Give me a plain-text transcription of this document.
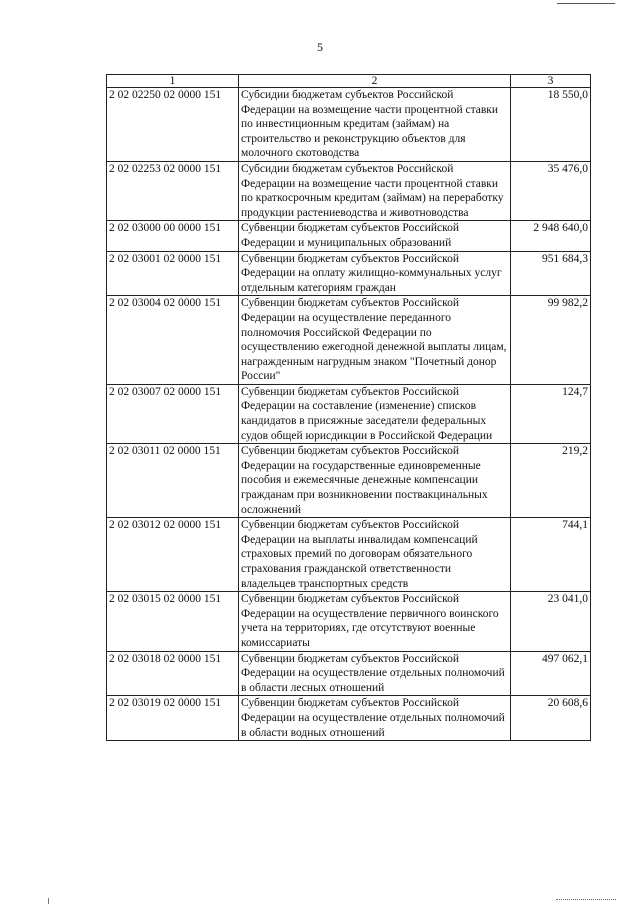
5
1	2	3
2 02 02250 02 0000 151	Субсидии бюджетам субъектов Российской Федерации на возмещение части процентной ставки по инвестиционным кредитам (займам) на строительство и реконструкцию объектов для молочного скотоводства	18 550,0
2 02 02253 02 0000 151	Субсидии бюджетам субъектов Российской Федерации на возмещение части процентной ставки по краткосрочным кредитам (займам) на переработку продукции растениеводства и животноводства	35 476,0
2 02 03000 00 0000 151	Субвенции бюджетам субъектов Российской Федерации и муниципальных образований	2 948 640,0
2 02 03001 02 0000 151	Субвенции бюджетам субъектов Российской Федерации на оплату жилищно-коммунальных услуг отдельным категориям граждан	951 684,3
2 02 03004 02 0000 151	Субвенции бюджетам субъектов Российской Федерации на осуществление переданного полномочия Российской Федерации по осуществлению ежегодной денежной выплаты лицам, награжденным нагрудным знаком "Почетный донор России"	99 982,2
2 02 03007 02 0000 151	Субвенции бюджетам субъектов Российской Федерации на составление (изменение) списков кандидатов в присяжные заседатели федеральных судов общей юрисдикции в Российской Федерации	124,7
2 02 03011 02 0000 151	Субвенции бюджетам субъектов Российской Федерации на государственные единовременные пособия и ежемесячные денежные компенсации гражданам при возникновении поствакцинальных осложнений	219,2
2 02 03012 02 0000 151	Субвенции бюджетам субъектов Российской Федерации на выплаты инвалидам компенсаций страховых премий по договорам обязательного страхования гражданской ответственности владельцев транспортных средств	744,1
2 02 03015 02 0000 151	Субвенции бюджетам субъектов Российской Федерации на осуществление первичного воинского учета на территориях, где отсутствуют военные комиссариаты	23 041,0
2 02 03018 02 0000 151	Субвенции бюджетам субъектов Российской Федерации на осуществление отдельных полномочий в области лесных отношений	497 062,1
2 02 03019 02 0000 151	Субвенции бюджетам субъектов Российской Федерации на осуществление отдельных полномочий в области водных отношений	20 608,6
